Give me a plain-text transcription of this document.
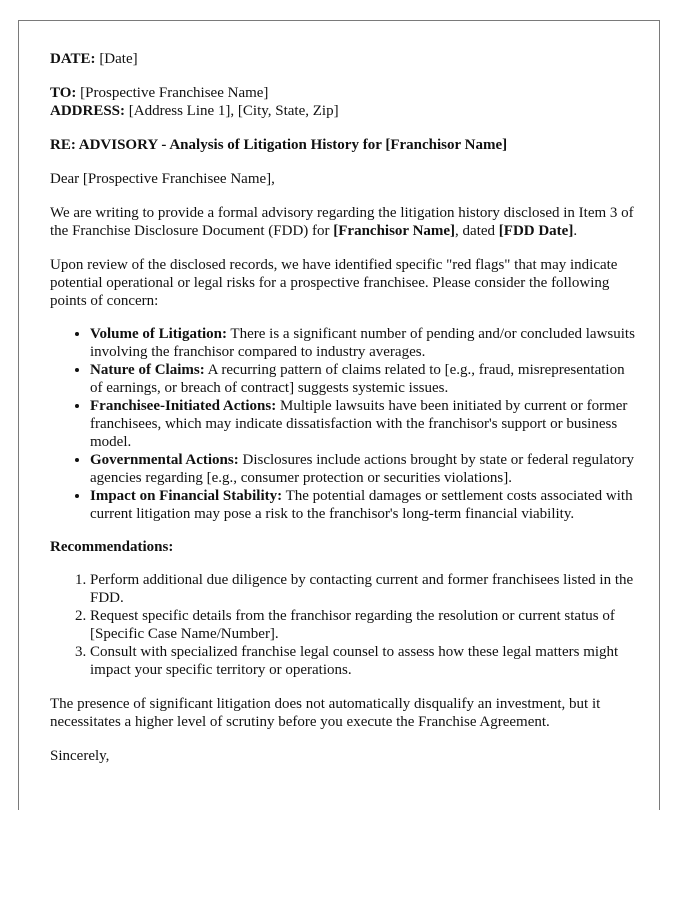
DATE: [Date]

TO: [Prospective Franchisee Name]

ADDRESS: [Address Line 1], [City, State, Zip]

RE: ADVISORY - Analysis of Litigation History for [Franchisor Name]

Dear [Prospective Franchisee Name],

We are writing to provide a formal advisory regarding the litigation history disclosed in Item 3 of the Franchise Disclosure Document (FDD) for [Franchisor Name], dated [FDD Date].

Upon review of the disclosed records, we have identified specific "red flags" that may indicate potential operational or legal risks for a prospective franchisee. Please consider the following points of concern:

• Volume of Litigation: There is a significant number of pending and/or concluded lawsuits involving the franchisor compared to industry averages.
• Nature of Claims: A recurring pattern of claims related to [e.g., fraud, misrepresentation of earnings, or breach of contract] suggests systemic issues.
• Franchisee-Initiated Actions: Multiple lawsuits have been initiated by current or former franchisees, which may indicate dissatisfaction with the franchisor's support or business model.
• Governmental Actions: Disclosures include actions brought by state or federal regulatory agencies regarding [e.g., consumer protection or securities violations].
• Impact on Financial Stability: The potential damages or settlement costs associated with current litigation may pose a risk to the franchisor's long-term financial viability.

Recommendations:

1. Perform additional due diligence by contacting current and former franchisees listed in the FDD.
2. Request specific details from the franchisor regarding the resolution or current status of [Specific Case Name/Number].
3. Consult with specialized franchise legal counsel to assess how these legal matters might impact your specific territory or operations.

The presence of significant litigation does not automatically disqualify an investment, but it necessitates a higher level of scrutiny before you execute the Franchise Agreement.

Sincerely,
